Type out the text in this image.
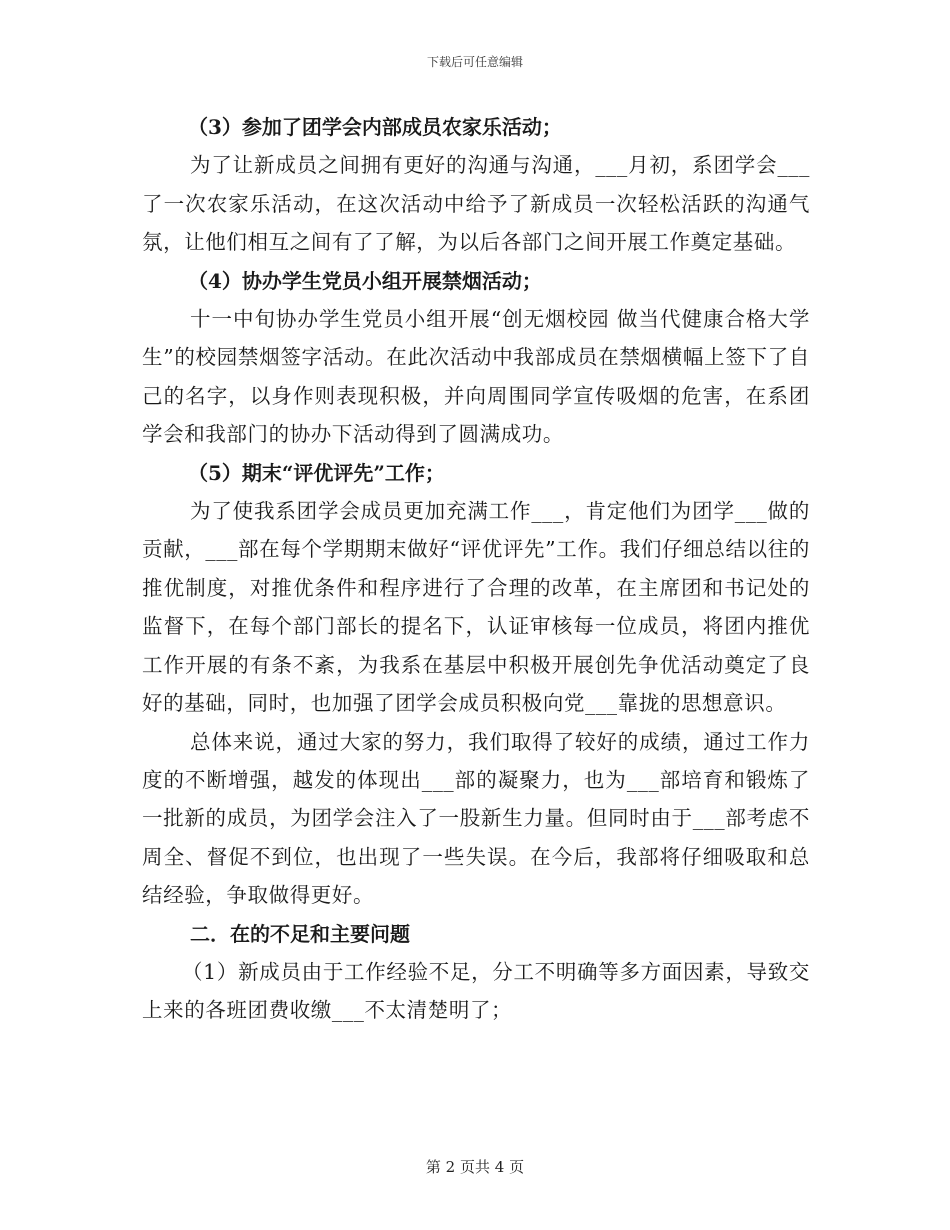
下载后可任意编辑

（3）参加了团学会内部成员农家乐活动；

为了让新成员之间拥有更好的沟通与沟通，___月初，系团学会___了一次农家乐活动，在这次活动中给予了新成员一次轻松活跃的沟通气氛，让他们相互之间有了了解，为以后各部门之间开展工作奠定基础。

（4）协办学生党员小组开展禁烟活动；

十一中旬协办学生党员小组开展“创无烟校园 做当代健康合格大学生”的校园禁烟签字活动。在此次活动中我部成员在禁烟横幅上签下了自己的名字，以身作则表现积极，并向周围同学宣传吸烟的危害，在系团学会和我部门的协办下活动得到了圆满成功。

（5）期末“评优评先”工作；

为了使我系团学会成员更加充满工作___，肯定他们为团学___做的贡献，___部在每个学期期末做好“评优评先”工作。我们仔细总结以往的推优制度，对推优条件和程序进行了合理的改革，在主席团和书记处的监督下，在每个部门部长的提名下，认证审核每一位成员，将团内推优工作开展的有条不紊，为我系在基层中积极开展创先争优活动奠定了良好的基础，同时，也加强了团学会成员积极向党___靠拢的思想意识。

总体来说，通过大家的努力，我们取得了较好的成绩，通过工作力度的不断增强，越发的体现出___部的凝聚力，也为___部培育和锻炼了一批新的成员，为团学会注入了一股新生力量。但同时由于___部考虑不周全、督促不到位，也出现了一些失误。在今后，我部将仔细吸取和总结经验，争取做得更好。

二．在的不足和主要问题

（1）新成员由于工作经验不足，分工不明确等多方面因素，导致交上来的各班团费收缴___不太清楚明了；

第 2 页共 4 页
